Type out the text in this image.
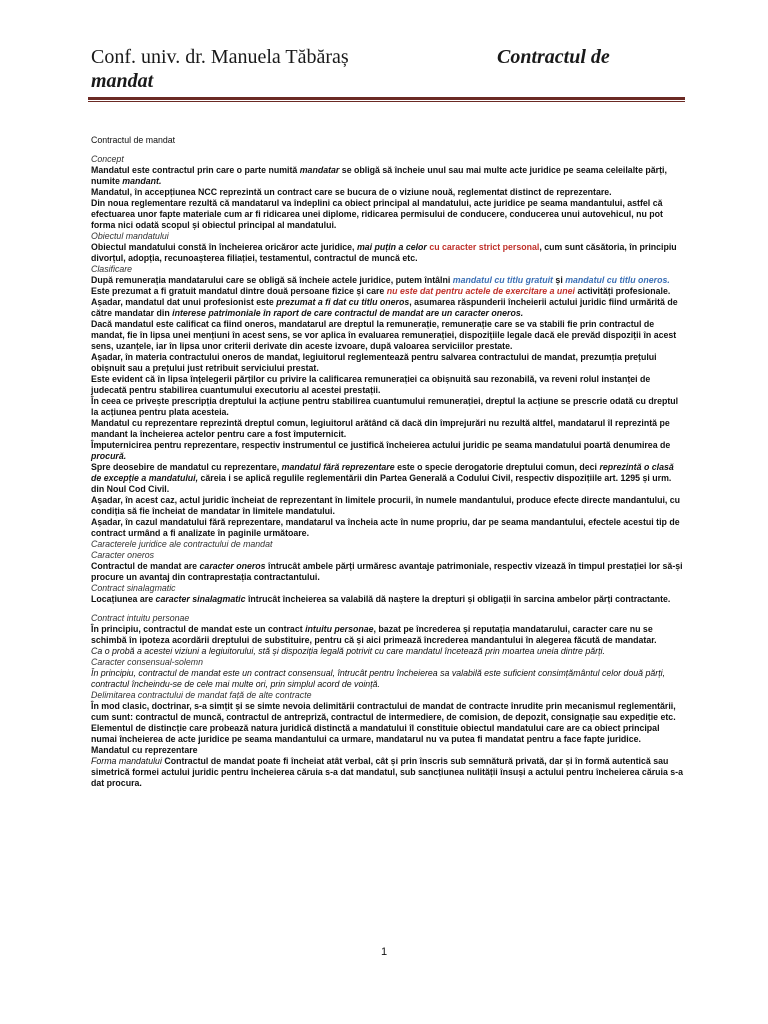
Conf. univ. dr. Manuela Tăbăraș	Contractul de
mandat

Contractul de mandat

Concept

Mandatul este contractul prin care o parte numită mandatar se obligă să încheie unul sau mai multe acte juridice pe seama celeilalte părți, numite mandant.

Mandatul, în accepțiunea NCC reprezintă un contract care se bucura de o viziune nouă, reglementat distinct de reprezentare.

Din noua reglementare rezultă că mandatarul va îndeplini ca obiect principal al mandatului, acte juridice pe seama mandantului, astfel că efectuarea unor fapte materiale cum ar fi ridicarea unei diplome, ridicarea permisului de conducere, conducerea unui autovehicul, nu pot forma nici odată scopul și obiectul principal al mandatului.

Obiectul mandatului

Obiectul mandatului constă în încheierea oricăror acte juridice, mai puțin a celor cu caracter strict personal, cum sunt căsătoria, în principiu divorțul, adopția, recunoașterea filiației, testamentul, contractul de muncă etc.

Clasificare

După remunerația mandatarului care se obligă să încheie actele juridice, putem întâlni mandatul cu titlu gratuit și mandatul cu titlu oneros.

Este prezumat a fi gratuit mandatul dintre două persoane fizice și care nu este dat pentru actele de exercitare a unei activități profesionale.

Așadar, mandatul dat unui profesionist este prezumat a fi dat cu titlu oneros, asumarea răspunderii încheierii actului juridic fiind urmărită de către mandatar din interese patrimoniale în raport de care contractul de mandat are un caracter oneros.

Dacă mandatul este calificat ca fiind oneros, mandatarul are dreptul la remunerație, remunerație care se va stabili fie prin contractul de mandat, fie în lipsa unei mențiuni în acest sens, se vor aplica în evaluarea remunerației, dispozițiile legale dacă ele prevăd dispoziții în acest sens, uzanțele, iar în lipsa unor criterii derivate din aceste izvoare, după valoarea serviciilor prestate.

Așadar, în materia contractului oneros de mandat, legiuitorul reglementează pentru salvarea contractului de mandat, prezumția prețului obișnuit sau a prețului just retribuit serviciului prestat.

Este evident că în lipsa înțelegerii părților cu privire la calificarea remunerației ca obișnuită sau rezonabilă, va reveni rolul instanței de judecată pentru stabilirea cuantumului executoriu al acestei prestații.

În ceea ce privește prescripția dreptului la acțiune pentru stabilirea cuantumului remunerației, dreptul la acțiune se prescrie odată cu dreptul la acțiunea pentru plata acesteia.

Mandatul cu reprezentare reprezintă dreptul comun, legiuitorul arătând că dacă din împrejurări nu rezultă altfel, mandatarul îl reprezintă pe mandant la încheierea actelor pentru care a fost împuternicit.

Împuternicirea pentru reprezentare, respectiv instrumentul ce justifică încheierea actului juridic pe seama mandatului poartă denumirea de procură.

Spre deosebire de mandatul cu reprezentare, mandatul fără reprezentare este o specie derogatorie dreptului comun, deci reprezintă o clasă de excepție a mandatului, căreia i se aplică regulile reglementării din Partea Generală a Codului Civil, respectiv dispozițiile art. 1295 și urm. din Noul Cod Civil.

Așadar, în acest caz, actul juridic încheiat de reprezentant în limitele procurii, în numele mandantului, produce efecte directe mandantului, cu condiția să fie încheiat de mandatar în limitele mandatului.

Așadar, în cazul mandatului fără reprezentare, mandatarul va încheia acte în nume propriu, dar pe seama mandantului, efectele acestui tip de contract urmând a fi analizate în paginile următoare.

Caracterele juridice ale contractului de mandat

Caracter oneros

Contractul de mandat are caracter oneros întrucât ambele părți urmăresc avantaje patrimoniale, respectiv vizează în timpul prestației lor să-și procure un avantaj din contraprestația contractantului.

Contract sinalagmatic

Locațiunea are caracter sinalagmatic întrucât încheierea sa valabilă dă naștere la drepturi și obligații în sarcina ambelor părți contractante.

Contract intuitu personae

În principiu, contractul de mandat este un contract intuitu personae, bazat pe încrederea și reputația mandatarului, caracter care nu se schimbă în ipoteza acordării dreptului de substituire, pentru că și aici primează încrederea mandantului în alegerea făcută de mandatar.

Ca o probă a acestei viziuni a legiuitorului, stă și dispoziția legală potrivit cu care mandatul încetează prin moartea uneia dintre părți.

Caracter consensual-solemn

În principiu, contractul de mandat este un contract consensual, întrucât pentru încheierea sa valabilă este suficient consimțământul celor două părți, contractul încheindu-se de cele mai multe ori, prin simplul acord de voință.

Delimitarea contractului de mandat față de alte contracte

În mod clasic, doctrinar, s-a simțit și se simte nevoia delimitării contractului de mandat de contracte înrudite prin mecanismul reglementării, cum sunt: contractul de muncă, contractul de antrepriză, contractul de intermediere, de comision, de depozit, consignație sau expediție etc.

Elementul de distincție care probează natura juridică distinctă a mandatului îl constituie obiectul mandatului care are ca obiect principal numai încheierea de acte juridice pe seama mandantului ca urmare, mandatarul nu va putea fi mandatat pentru a face fapte juridice.

Mandatul cu reprezentare

Forma mandatului Contractul de mandat poate fi încheiat atât verbal, cât și prin înscris sub semnătură privată, dar și în formă autentică sau simetrică formei actului juridic pentru încheierea căruia s-a dat mandatul, sub sancțiunea nulității însuși a actului pentru încheierea căruia s-a dat procura.

1
